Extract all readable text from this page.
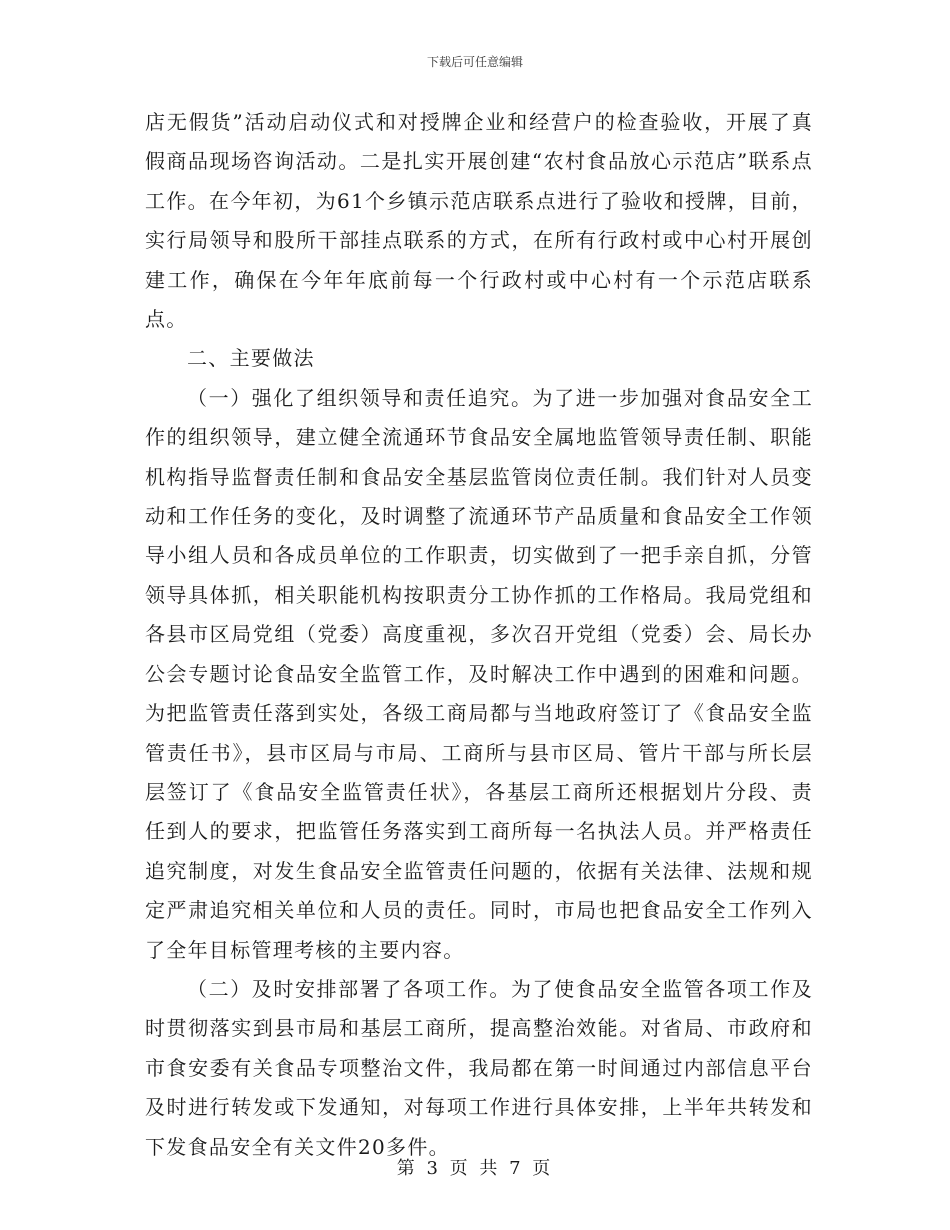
下载后可任意编辑

店无假货”活动启动仪式和对授牌企业和经营户的检查验收，开展了真假商品现场咨询活动。二是扎实开展创建“农村食品放心示范店”联系点工作。在今年初，为61个乡镇示范店联系点进行了验收和授牌，目前，实行局领导和股所干部挂点联系的方式，在所有行政村或中心村开展创建工作，确保在今年年底前每一个行政村或中心村有一个示范店联系点。

二、主要做法

（一）强化了组织领导和责任追究。为了进一步加强对食品安全工作的组织领导，建立健全流通环节食品安全属地监管领导责任制、职能机构指导监督责任制和食品安全基层监管岗位责任制。我们针对人员变动和工作任务的变化，及时调整了流通环节产品质量和食品安全工作领导小组人员和各成员单位的工作职责，切实做到了一把手亲自抓，分管领导具体抓，相关职能机构按职责分工协作抓的工作格局。我局党组和各县市区局党组（党委）高度重视，多次召开党组（党委）会、局长办公会专题讨论食品安全监管工作，及时解决工作中遇到的困难和问题。为把监管责任落到实处，各级工商局都与当地政府签订了《食品安全监管责任书》，县市区局与市局、工商所与县市区局、管片干部与所长层层签订了《食品安全监管责任状》，各基层工商所还根据划片分段、责任到人的要求，把监管任务落实到工商所每一名执法人员。并严格责任追究制度，对发生食品安全监管责任问题的，依据有关法律、法规和规定严肃追究相关单位和人员的责任。同时，市局也把食品安全工作列入了全年目标管理考核的主要内容。

（二）及时安排部署了各项工作。为了使食品安全监管各项工作及时贯彻落实到县市局和基层工商所，提高整治效能。对省局、市政府和市食安委有关食品专项整治文件，我局都在第一时间通过内部信息平台及时进行转发或下发通知，对每项工作进行具体安排，上半年共转发和下发食品安全有关文件20多件。

第 3 页 共 7 页
